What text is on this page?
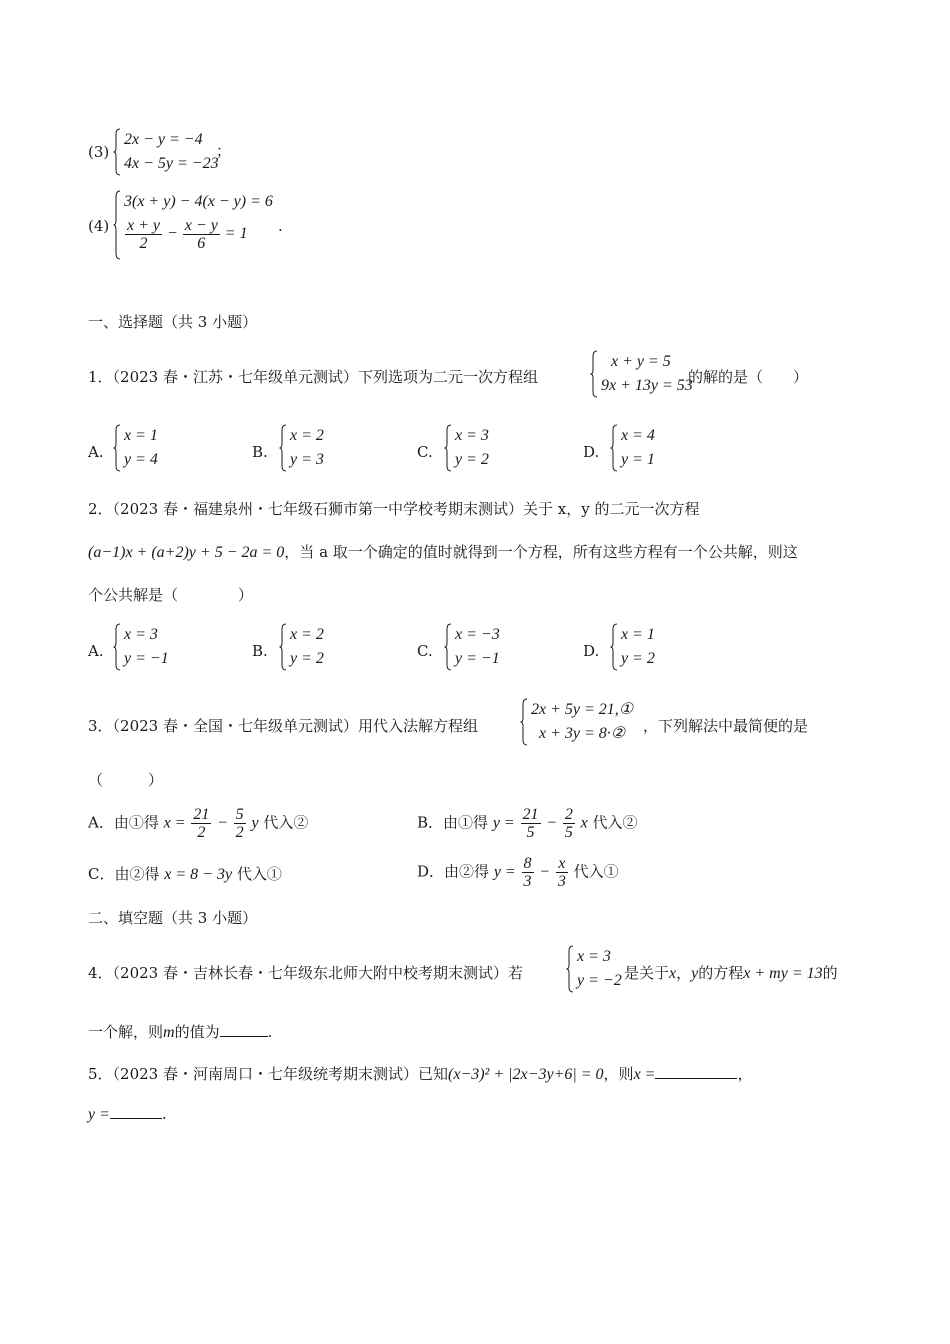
(3)
2x − y = −4
4x − 5y = −23
；
(4)
3(x + y) − 4(x − y) = 6
$\frac{x + y}{2} - \frac{x - y}{6} = 1$	.
一、选择题（共 3 小题）
1．（2023 春・江苏・七年级单元测试）下列选项为二元一次方程组
x + y = 5
9x + 13y = 53
的解的是（　　）
A.
x = 1
y = 4	B.
x = 2
y = 3	C.
x = 3
y = 2	D.
x = 4
y = 1
2．（2023 春・福建泉州・七年级石狮市第一中学校考期末测试）关于 x，y 的二元一次方程
(a−1)x + (a+2)y + 5 − 2a = 0，当 a 取一个确定的值时就得到一个方程，所有这些方程有一个公共解，则这
个公共解是（　　　　）
A.
x = 3
y = −1	B.
x = 2
y = 2	C.
x = −3
y = −1	D.
x = 1
y = 2
3．（2023 春・全国・七年级单元测试）用代入法解方程组
2x + 5y = 21,①
x + 3y = 8·②	，下列解法中最简便的是
（　　　）
A．由①得 $x = \frac{21}{2} - \frac{5}{2}$ y 代入②	B．由①得 $y = \frac{21}{5} - \frac{2}{5}$ x 代入②
C．由②得 x = 8 − 3y 代入①	D．由②得 $y = \frac{8}{3} - \frac{x}{3}$ 代入①
二、填空题（共 3 小题）
4．（2023 春・吉林长春・七年级东北师大附中校考期末测试）若
x = 3
y = −2 是关于x，y的方程x + my = 13的
一个解，则m的值为	.
5．（2023 春・河南周口・七年级统考期末测试）已知(x−3)² + |2x−3y+6| = 0，则x =	，
y =	.
